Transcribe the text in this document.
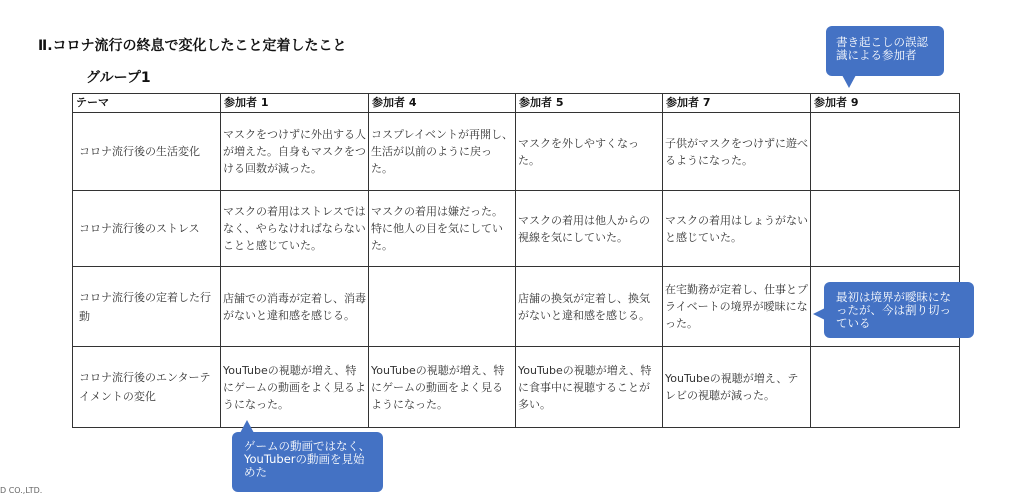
Ⅱ.コロナ流行の終息で変化したこと定着したこと
グループ1
テーマ	参加者 1	参加者 4	参加者 5	参加者 7	参加者 9
コロナ流行後の生活変化	マスクをつけずに外出する人が増えた。自身もマスクをつける回数が減った。	コスプレイベントが再開し、生活が以前のように戻った。	マスクを外しやすくなった。	子供がマスクをつけずに遊べるようになった。	
コロナ流行後のストレス	マスクの着用はストレスではなく、やらなければならないことと感じていた。	マスクの着用は嫌だった。特に他人の目を気にしていた。	マスクの着用は他人からの視線を気にしていた。	マスクの着用はしょうがないと感じていた。	
コロナ流行後の定着した行動	店舗での消毒が定着し、消毒がないと違和感を感じる。		店舗の換気が定着し、換気がないと違和感を感じる。	在宅勤務が定着し、仕事とプライベートの境界が曖昧になった。	
コロナ流行後のエンターテイメントの変化	YouTubeの視聴が増え、特にゲームの動画をよく見るようになった。	YouTubeの視聴が増え、特にゲームの動画をよく見るようになった。	YouTubeの視聴が増え、特に食事中に視聴することが多い。	YouTubeの視聴が増え、テレビの視聴が減った。	
書き起こしの誤認識による参加者
最初は境界が曖昧になったが、今は割り切っている
ゲームの動画ではなく、YouTuberの動画を見始めた
D CO.,LTD.
